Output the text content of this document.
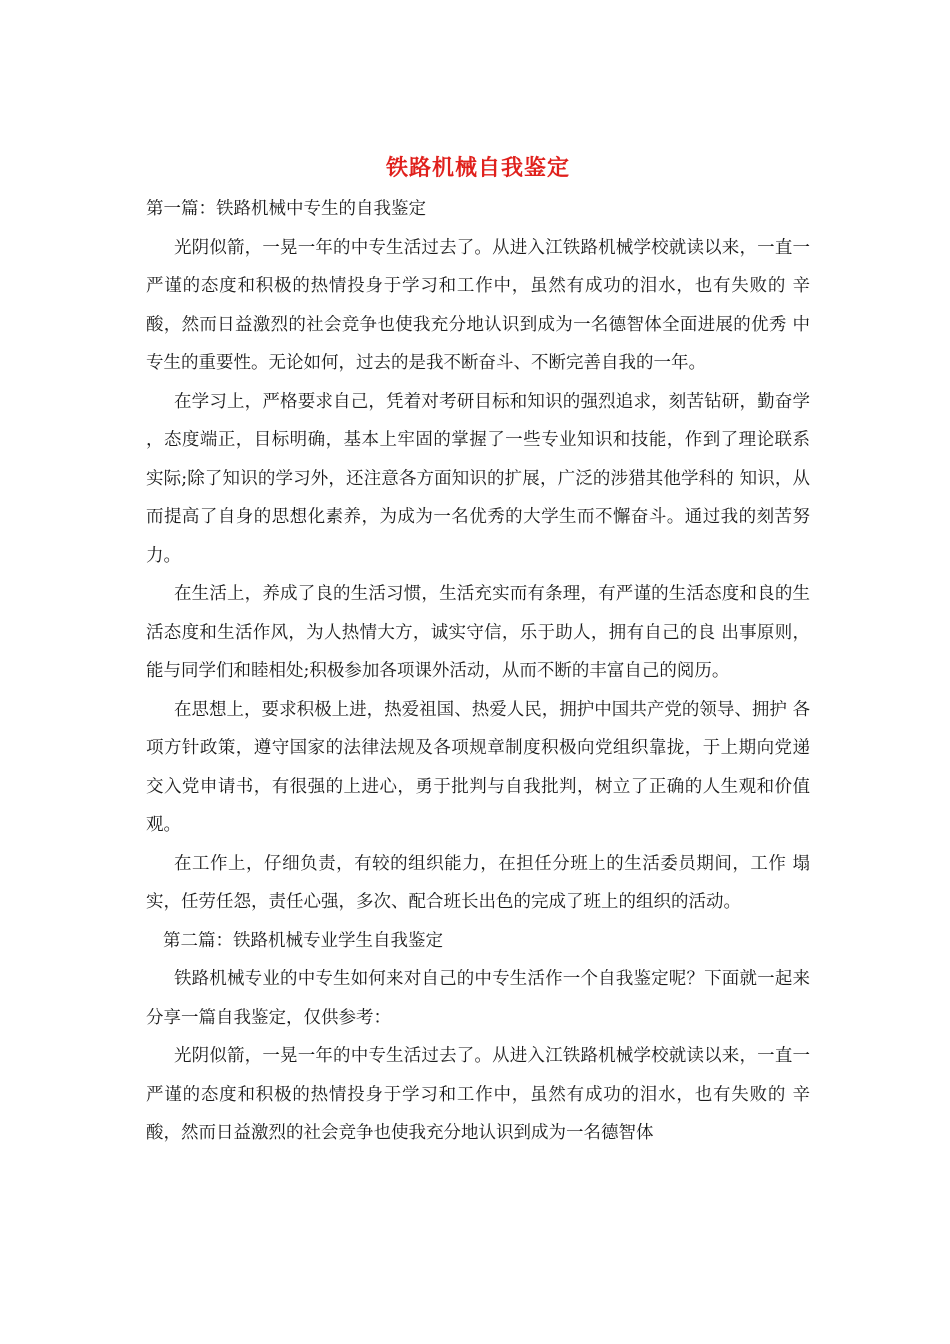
铁路机械自我鉴定
第一篇：铁路机械中专生的自我鉴定

光阴似箭，一晃一年的中专生活过去了。从进入江铁路机械学校就读以来，一直一严谨的态度和积极的热情投身于学习和工作中，虽然有成功的泪水，也有失败的 辛酸，然而日益激烈的社会竞争也使我充分地认识到成为一名德智体全面进展的优秀 中专生的重要性。无论如何，过去的是我不断奋斗、不断完善自我的一年。

在学习上，严格要求自己，凭着对考研目标和知识的强烈追求，刻苦钻研，勤奋学 ，态度端正，目标明确，基本上牢固的掌握了一些专业知识和技能，作到了理论联系 实际;除了知识的学习外，还注意各方面知识的扩展，广泛的涉猎其他学科的 知识，从而提高了自身的思想化素养，为成为一名优秀的大学生而不懈奋斗。通过我的刻苦努力。

在生活上，养成了良的生活习惯，生活充实而有条理，有严谨的生活态度和良的生活态度和生活作风，为人热情大方，诚实守信，乐于助人，拥有自己的良 出事原则，能与同学们和睦相处;积极参加各项课外活动，从而不断的丰富自己的阅历。

在思想上，要求积极上进，热爱祖国、热爱人民，拥护中国共产党的领导、拥护 各项方针政策，遵守国家的法律法规及各项规章制度积极向党组织靠拢，于上期向党递交入党申请书，有很强的上进心，勇于批判与自我批判，树立了正确的人生观和价值观。

在工作上，仔细负责，有较的组织能力，在担任分班上的生活委员期间，工作 塌实，任劳任怨，责任心强，多次、配合班长出色的完成了班上的组织的活动。

第二篇：铁路机械专业学生自我鉴定

铁路机械专业的中专生如何来对自己的中专生活作一个自我鉴定呢？下面就一起来分享一篇自我鉴定，仅供参考：

光阴似箭，一晃一年的中专生活过去了。从进入江铁路机械学校就读以来，一直一严谨的态度和积极的热情投身于学习和工作中，虽然有成功的泪水，也有失败的 辛酸，然而日益激烈的社会竞争也使我充分地认识到成为一名德智体
